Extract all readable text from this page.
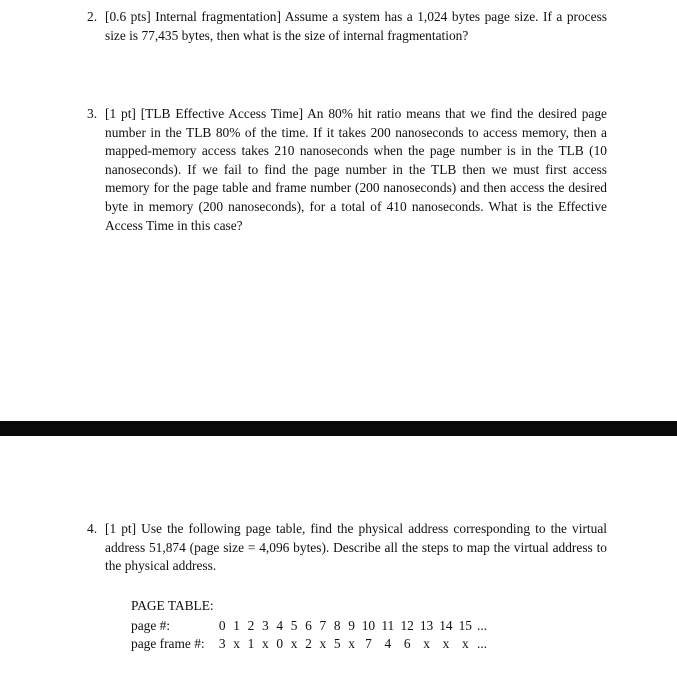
2. [0.6 pts] Internal fragmentation] Assume a system has a 1,024 bytes page size. If a process size is 77,435 bytes, then what is the size of internal fragmentation?
3. [1 pt] [TLB Effective Access Time] An 80% hit ratio means that we find the desired page number in the TLB 80% of the time. If it takes 200 nanoseconds to access memory, then a mapped-memory access takes 210 nanoseconds when the page number is in the TLB (10 nanoseconds). If we fail to find the page number in the TLB then we must first access memory for the page table and frame number (200 nanoseconds) and then access the desired byte in memory (200 nanoseconds), for a total of 410 nanoseconds. What is the Effective Access Time in this case?
4. [1 pt] Use the following page table, find the physical address corresponding to the virtual address 51,874 (page size = 4,096 bytes). Describe all the steps to map the virtual address to the physical address.
PAGE TABLE:
page #:	0 1 2 3 4 5 6 7 8 9 10 11 12 13 14 15 ...
page frame #:	3 x 1 x 0 x 2 x 5 x 7 4 6 x x x ...
